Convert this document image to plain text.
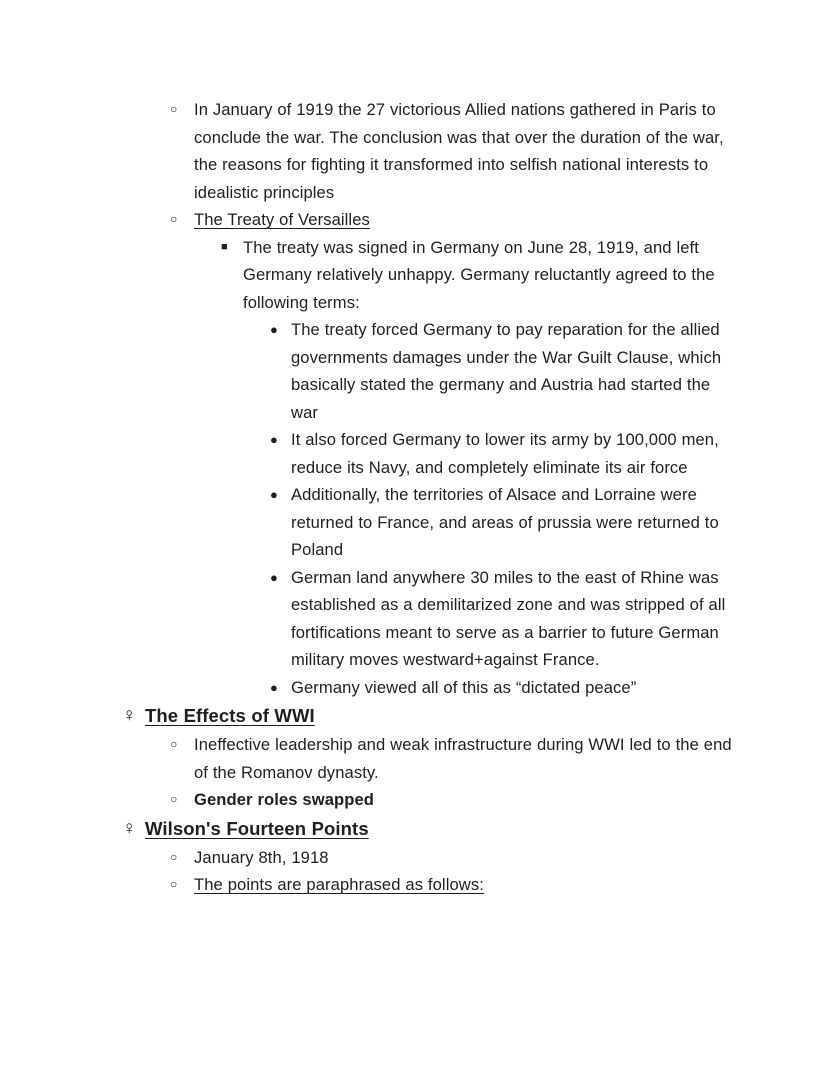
○ In January of 1919 the 27 victorious Allied nations gathered in Paris to conclude the war. The conclusion was that over the duration of the war, the reasons for fighting it transformed into selfish national interests to idealistic principles
○ The Treaty of Versailles
■ The treaty was signed in Germany on June 28, 1919, and left Germany relatively unhappy. Germany reluctantly agreed to the following terms:
● The treaty forced Germany to pay reparation for the allied governments damages under the War Guilt Clause, which basically stated the germany and Austria had started the war
● It also forced Germany to lower its army by 100,000 men, reduce its Navy, and completely eliminate its air force
● Additionally, the territories of Alsace and Lorraine were returned to France, and areas of prussia were returned to Poland
● German land anywhere 30 miles to the east of Rhine was established as a demilitarized zone and was stripped of all fortifications meant to serve as a barrier to future German military moves westward+against France.
● Germany viewed all of this as “dictated peace”
♀ The Effects of WWI
○ Ineffective leadership and weak infrastructure during WWI led to the end of the Romanov dynasty.
○ Gender roles swapped
♀ Wilson's Fourteen Points
○ January 8th, 1918
○ The points are paraphrased as follows:
